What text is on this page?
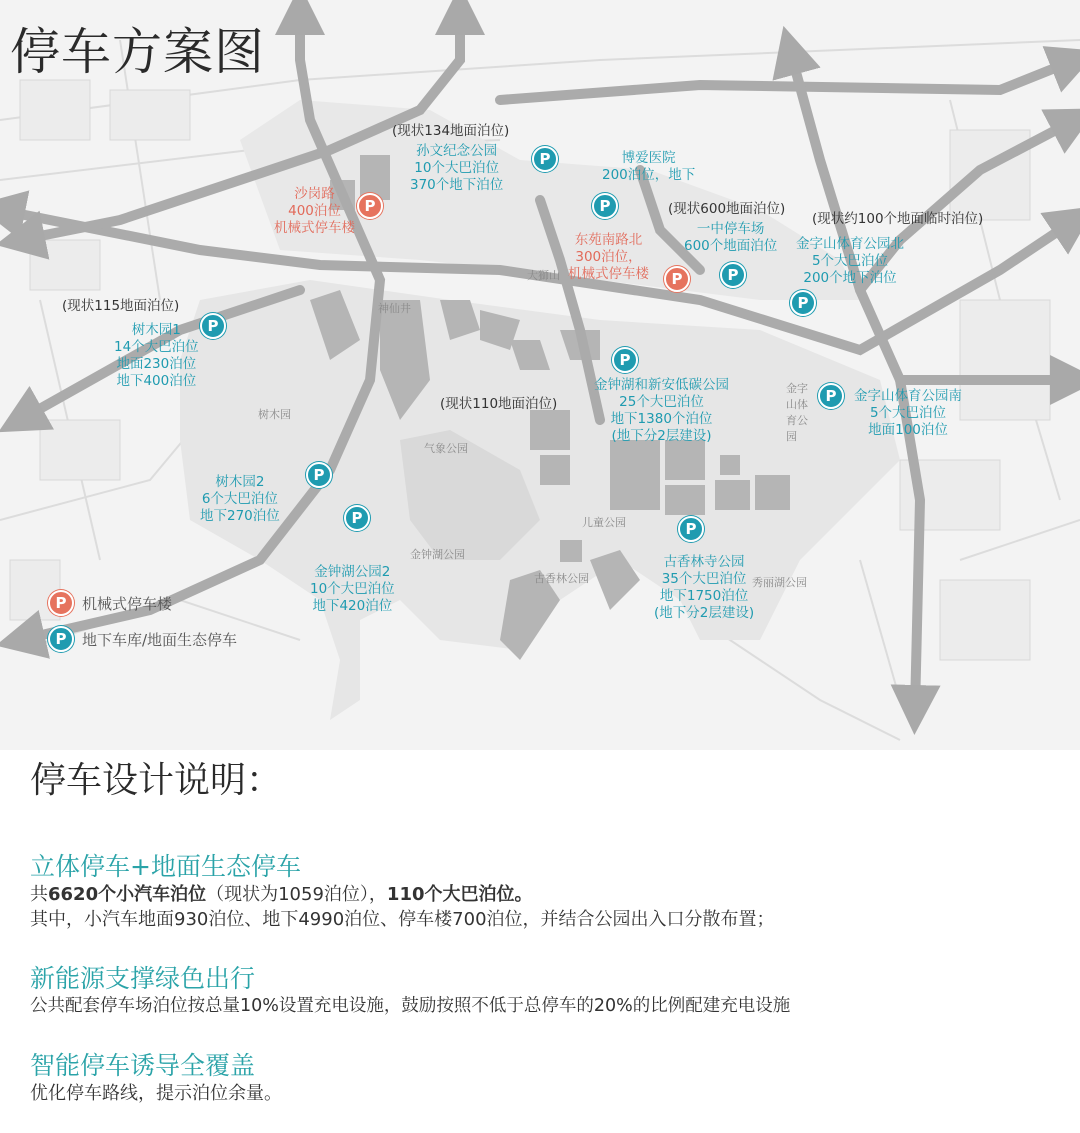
停车方案图
大獅山
神仙井
树木园
气象公园
金钟湖公园
古香林公园
儿童公园
秀丽湖公园
金字山体育公园
(现状134地面泊位)
孙文纪念公园
10个大巴泊位
370个地下泊位
P	博爱医院
200泊位，地下
P
沙岗路
400泊位
机械式停车楼
P
东苑南路北
300泊位，
机械式停车楼	P
(现状600地面泊位)
一中停车场
600个地面泊位
P
(现状约100个地面临时泊位)
金字山体育公园北
5个大巴泊位
200个地下泊位
P
(现状115地面泊位)
树木园1
14个大巴泊位
地面230泊位
地下400泊位
P
P
金钟湖和新安低碳公园
25个大巴泊位
地下1380个泊位
(地下分2层建设)
P	金字山体育公园南
5个大巴泊位
地面100泊位
(现状110地面泊位)
树木园2
6个大巴泊位
地下270泊位
P
P
金钟湖公园2
10个大巴泊位
地下420泊位
P
古香林寺公园
35个大巴泊位
地下1750泊位
(地下分2层建设)
P	机械式停车楼
P	地下车库/地面生态停车
停车设计说明：
立体停车+地面生态停车

共6620个小汽车泊位（现状为1059泊位），110个大巴泊位。

其中，小汽车地面930泊位、地下4990泊位、停车楼700泊位，并结合公园出入口分散布置；

新能源支撑绿色出行

公共配套停车场泊位按总量10%设置充电设施，鼓励按照不低于总停车的20%的比例配建充电设施

智能停车诱导全覆盖

优化停车路线，提示泊位余量。
